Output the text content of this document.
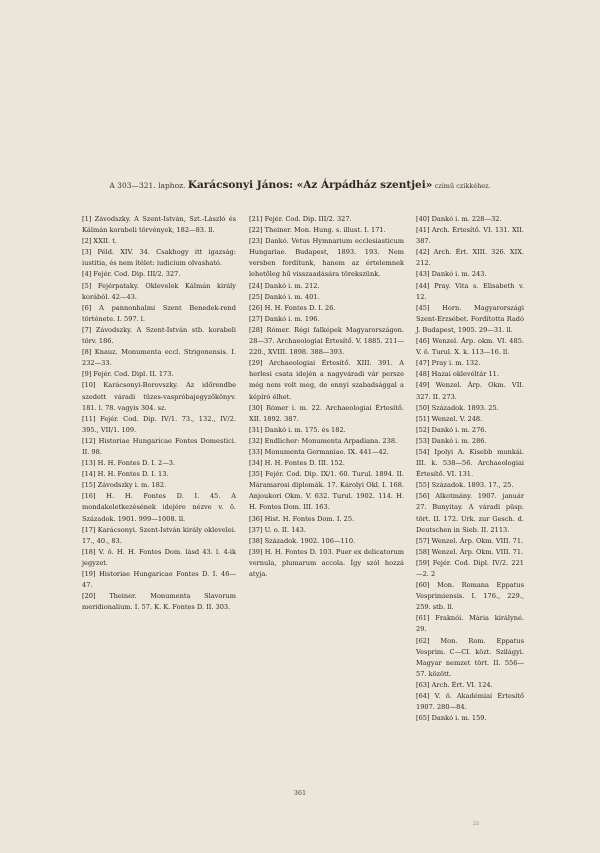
A 303—321. laphoz. Karácsonyi János: «Az Árpádház szentjei» czímű czikkéhez.

[1] Závodszky. A Szent-István, Szt.-László és Kálmán korabeli törvények, 182—83. ll.

[2] XXII. t.

[3] Péld. XIV. 34. Csakhogy itt igazság: iustitia, és nem ítélet: iudicium olvasható.

[4] Fejér. Cod. Dip. III/2. 327.

[5] Fejérpataky. Oklevelek Kálmán király korából. 42—43.

[6] A pannonhalmi Szent Benedek-rend története. I. 597. l.

[7] Závodszky. A Szent-István stb. korabeli törv. 186.

[8] Knauz. Monumenta eccl. Strigonensis. I. 232—33.

[9] Fejér. Cod. Dipl. II. 173.

[10] Karácsonyi-Borovszky. Az időrendbe szedett váradi tüzes-vaspróbajegyzőkönyv. 181. l. 78. vagyis 304. sz.

[11] Fejér. Cod. Dip. IV/1. 73., 132., IV/2. 395., VII/1. 109.

[12] Historiae Hungaricae Fontes Domestici. II. 98.

[13] H. H. Fontes D. I. 2—3.

[14] H. H. Fontes D. I. 13.

[15] Závodszky i. m. 182.

[16] H. H. Fontes D. I. 45. A mondakeletkezésének idejére nézve v. ö. Századok. 1901. 999—1008. ll.

[17] Karácsonyi. Szent-István király oklevelei. 17., 40., 83.

[18] V. ö. H. H. Fontes Dom. lásd 43. l. 4-ik jegyzet.

[19] Historiae Hungaricae Fontes D. I. 46—47.

[20] Theiner. Monumenta Slavorum meridionalium. I. 57. K. K. Fontes D. II. 303.

[21] Fejér. Cod. Dip. III/2. 327.

[22] Theiner. Mon. Hung. s. illust. I. 171.

[23] Dankó. Vetus Hymnarium ecclesiasticum Hungariae. Budapest, 1893. 193. Nem versben fordítunk, hanem az értelemnek lehetőleg hű visszaadására törekszünk.

[24] Dankó i. m. 212.

[25] Dankó i. m. 401.

[26] H. H. Fontes D. I. 26.

[27] Dankó i. m. 196.

[28] Rómer. Régi falképek Magyarországon. 28—37. Archaeologiai Értesítő. V. 1885. 211—220., XVIII. 1898. 388—393.

[29] Archaeologiai Értesítő. XIII. 391. A herlesi csata idején a nagyváradi vár persze még nem volt meg, de ennyi szabadsággal a képíró élhet.

[30] Rómer i. m. 22. Archaeologiai Értesítő. XII. 1892. 387.

[31] Dankó i. m. 175. és 182.

[32] Endlicher: Monumenta Arpadiana. 238.

[33] Monumenta Germaniae. IX. 441—42.

[34] H. H. Fontes D. III. 152.

[35] Fejér. Cod. Dip. IX/1. 60. Turul. 1894. II. Máramarosi diplomák. 17. Károlyi Okl. I. 168. Anjoukori Okm. V. 632. Turul. 1902. 114. H. H. Fontes Dom. III. 163.

[36] Hist. H. Fontes Dom. I. 25.

[37] U. o. II. 143.

[38] Századok. 1902. 106—110.

[39] H. H. Fontes D. 103. Puer ex delicatorum vernula, plumarum accola. Így szól hozzá atyja.

[40] Dankó i. m. 228—32.

[41] Arch. Értesítő. VI. 131. XII. 387.

[42] Arch. Ért. XIII. 326. XIX. 212.

[43] Dankó i. m. 243.

[44] Pray. Vita s. Elisabeth v. 12.

[45] Horn. Magyarországi Szent-Erzsébet. Fordította Radó J. Budapest, 1905. 29—31. ll.

[46] Wenzel. Árp. okm. VI. 485. V. ö. Turul. X. k. 113—16. ll.

[47] Pray i. m. 132.

[48] Hazai oklevéltár 11.

[49] Wenzel. Árp. Okm. VII. 327. II. 273.

[50] Századok. 1893. 25.

[51] Wenzel. V. 248.

[52] Dankó i. m. 276.

[53] Dankó i. m. 286.

[54] Ipolyi A. Kisebb munkái. III. k. 538—56. Archaeologiai Értesítő. VI. 131.

[55] Századok. 1893. 17., 25.

[56] Alkotmány. 1907. január 27. Bunyitay. A váradi püsp. tört. II. 172. Urk. zur Gesch. d. Deutschen in Sieb. II. 2113.

[57] Wenzel. Árp. Okm. VIII. 71.

[58] Wenzel. Árp. Okm. VIII. 71.

[59] Fejér. Cod. Dipl. IV/2. 221—2. 2

[60] Mon. Romana Eppatus Vesprimiensis. I. 176., 229., 259. stb. ll.

[61] Fraknói. Mária királyné. 29.

[62] Mon. Rom. Eppatus Vesprim. C—CI. közt. Szilágyi. Magyar nemzet tört. II. 556—57. között.

[63] Arch. Ért. VI. 124.

[64] V. ö. Akadémiai Értesítő 1907. 280—84.

[65] Dankó i. m. 159.

361
23
